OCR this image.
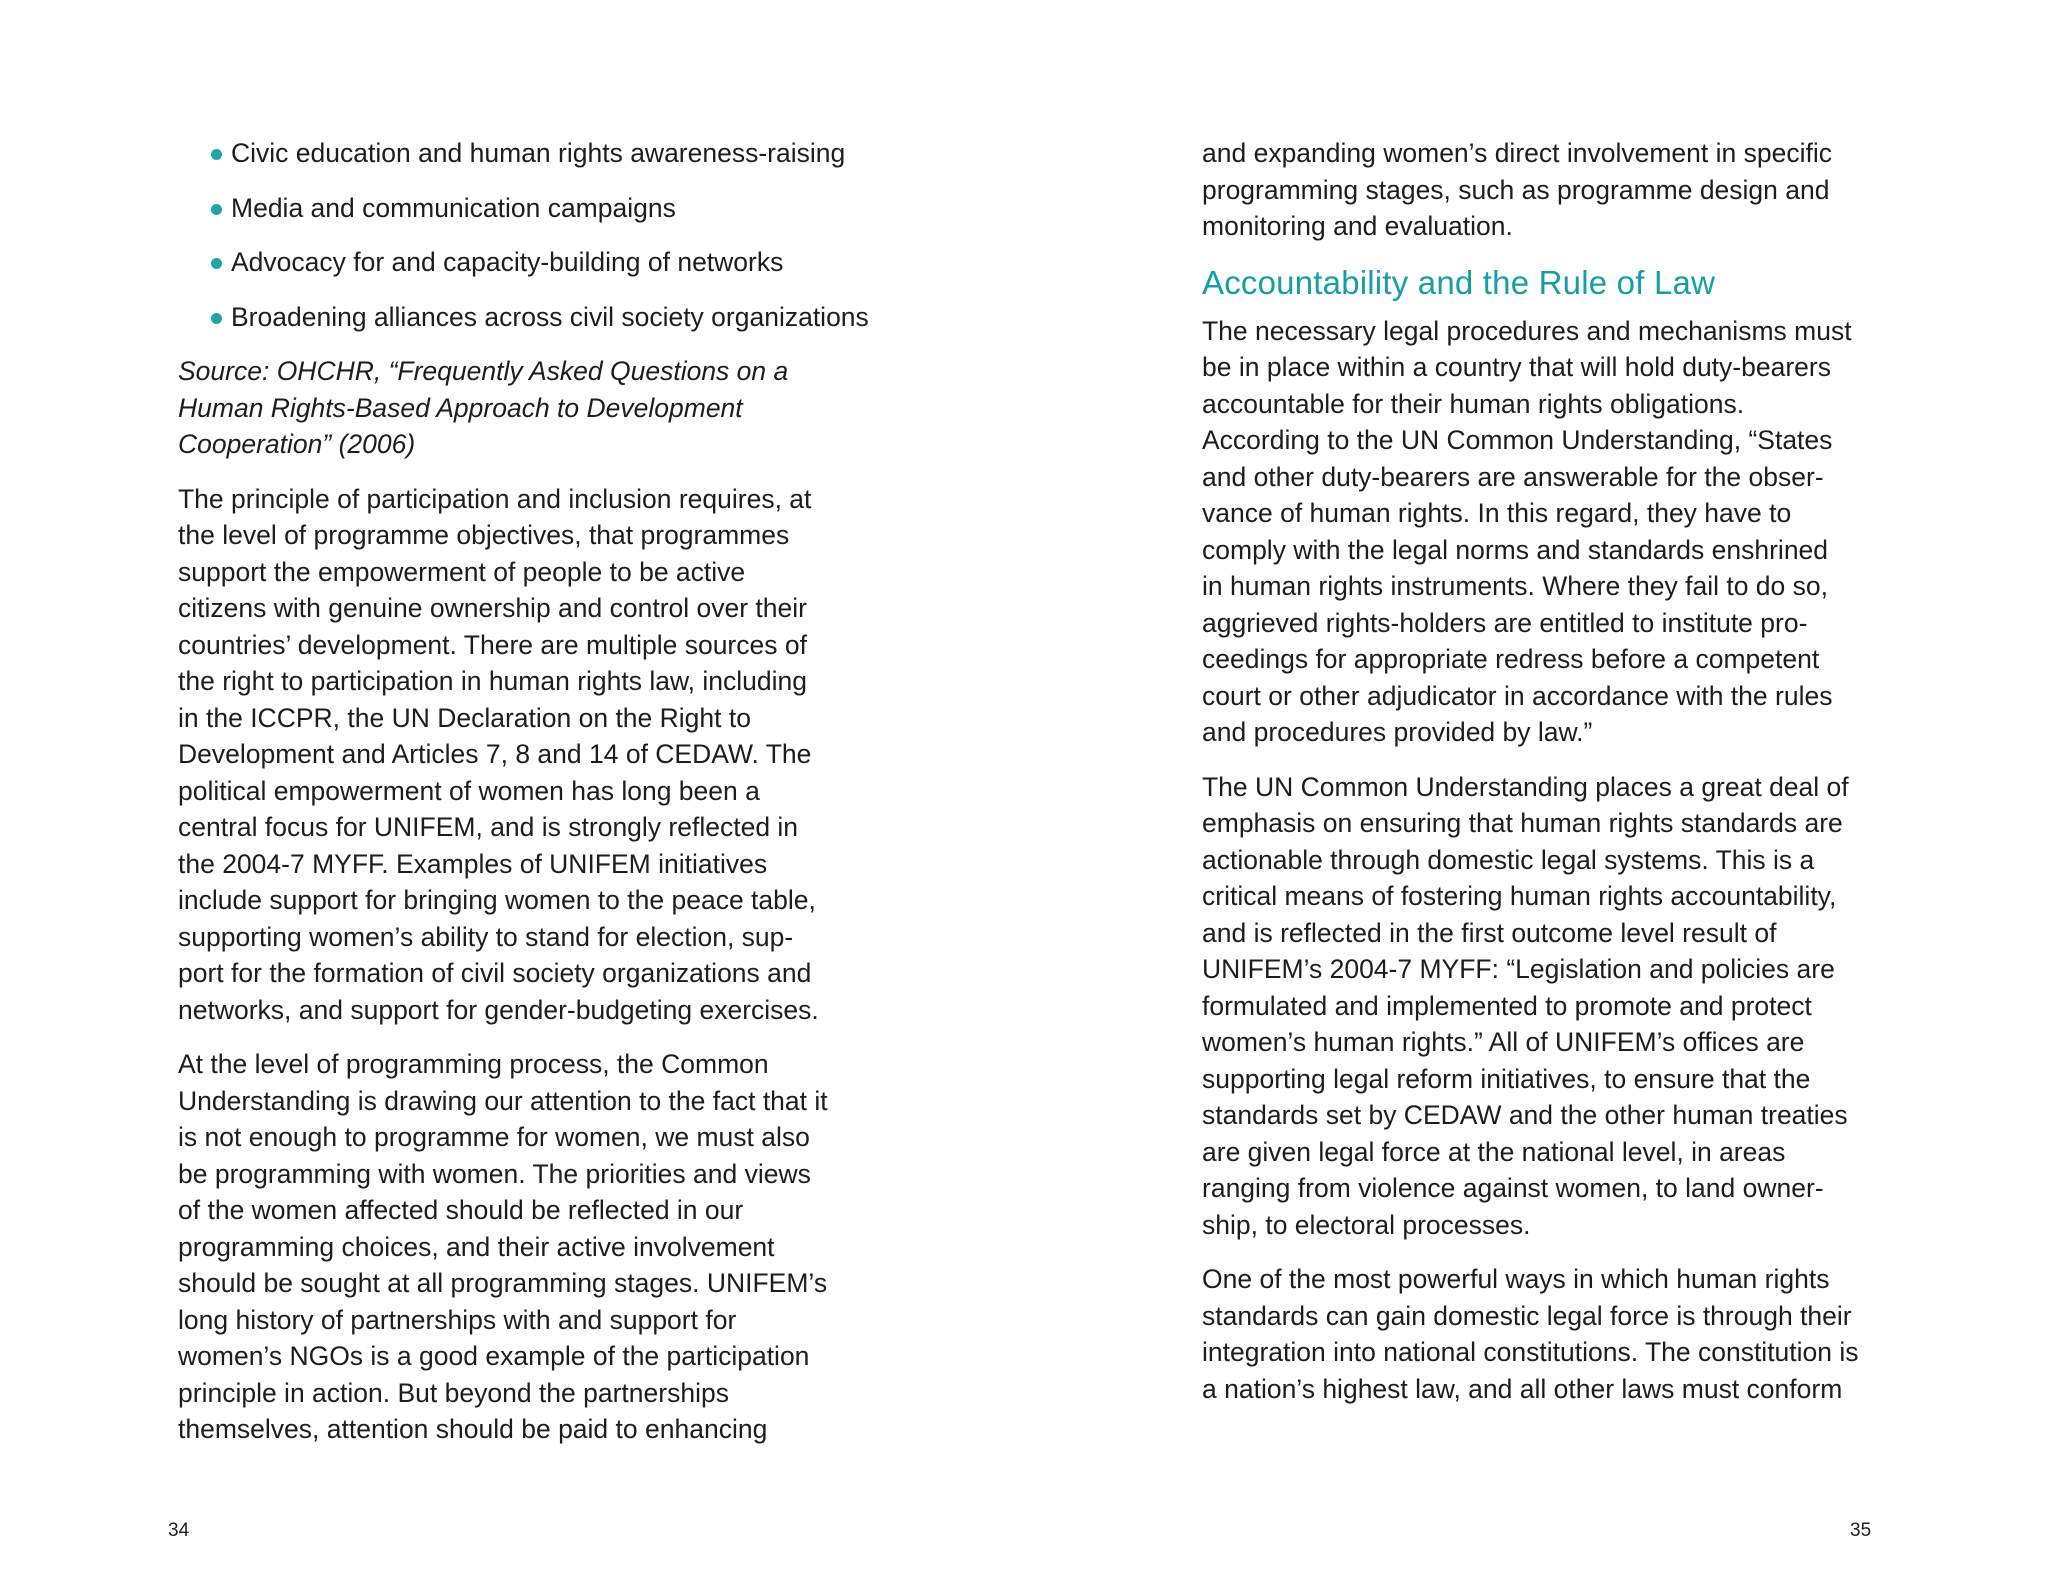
Civic education and human rights awareness-raising
Media and communication campaigns
Advocacy for and capacity-building of networks
Broadening alliances across civil society organizations

Source: OHCHR, “Frequently Asked Questions on a
Human Rights-Based Approach to Development
Cooperation” (2006)

The principle of participation and inclusion requires, at
the level of programme objectives, that programmes
support the empowerment of people to be active
citizens with genuine ownership and control over their
countries’ development. There are multiple sources of
the right to participation in human rights law, including
in the ICCPR, the UN Declaration on the Right to
Development and Articles 7, 8 and 14 of CEDAW. The
political empowerment of women has long been a
central focus for UNIFEM, and is strongly reflected in
the 2004-7 MYFF. Examples of UNIFEM initiatives
include support for bringing women to the peace table,
supporting women’s ability to stand for election, sup-
port for the formation of civil society organizations and
networks, and support for gender-budgeting exercises.

At the level of programming process, the Common
Understanding is drawing our attention to the fact that it
is not enough to programme for women, we must also
be programming with women. The priorities and views
of the women affected should be reflected in our
programming choices, and their active involvement
should be sought at all programming stages. UNIFEM’s
long history of partnerships with and support for
women’s NGOs is a good example of the participation
principle in action. But beyond the partnerships
themselves, attention should be paid to enhancing

34

and expanding women’s direct involvement in specific
programming stages, such as programme design and
monitoring and evaluation.

Accountability and the Rule of Law

The necessary legal procedures and mechanisms must
be in place within a country that will hold duty-bearers
accountable for their human rights obligations.
According to the UN Common Understanding, “States
and other duty-bearers are answerable for the obser-
vance of human rights. In this regard, they have to
comply with the legal norms and standards enshrined
in human rights instruments. Where they fail to do so,
aggrieved rights-holders are entitled to institute pro-
ceedings for appropriate redress before a competent
court or other adjudicator in accordance with the rules
and procedures provided by law.”

The UN Common Understanding places a great deal of
emphasis on ensuring that human rights standards are
actionable through domestic legal systems. This is a
critical means of fostering human rights accountability,
and is reflected in the first outcome level result of
UNIFEM’s 2004-7 MYFF: “Legislation and policies are
formulated and implemented to promote and protect
women’s human rights.” All of UNIFEM’s offices are
supporting legal reform initiatives, to ensure that the
standards set by CEDAW and the other human treaties
are given legal force at the national level, in areas
ranging from violence against women, to land owner-
ship, to electoral processes.

One of the most powerful ways in which human rights
standards can gain domestic legal force is through their
integration into national constitutions. The constitution is
a nation’s highest law, and all other laws must conform

35
